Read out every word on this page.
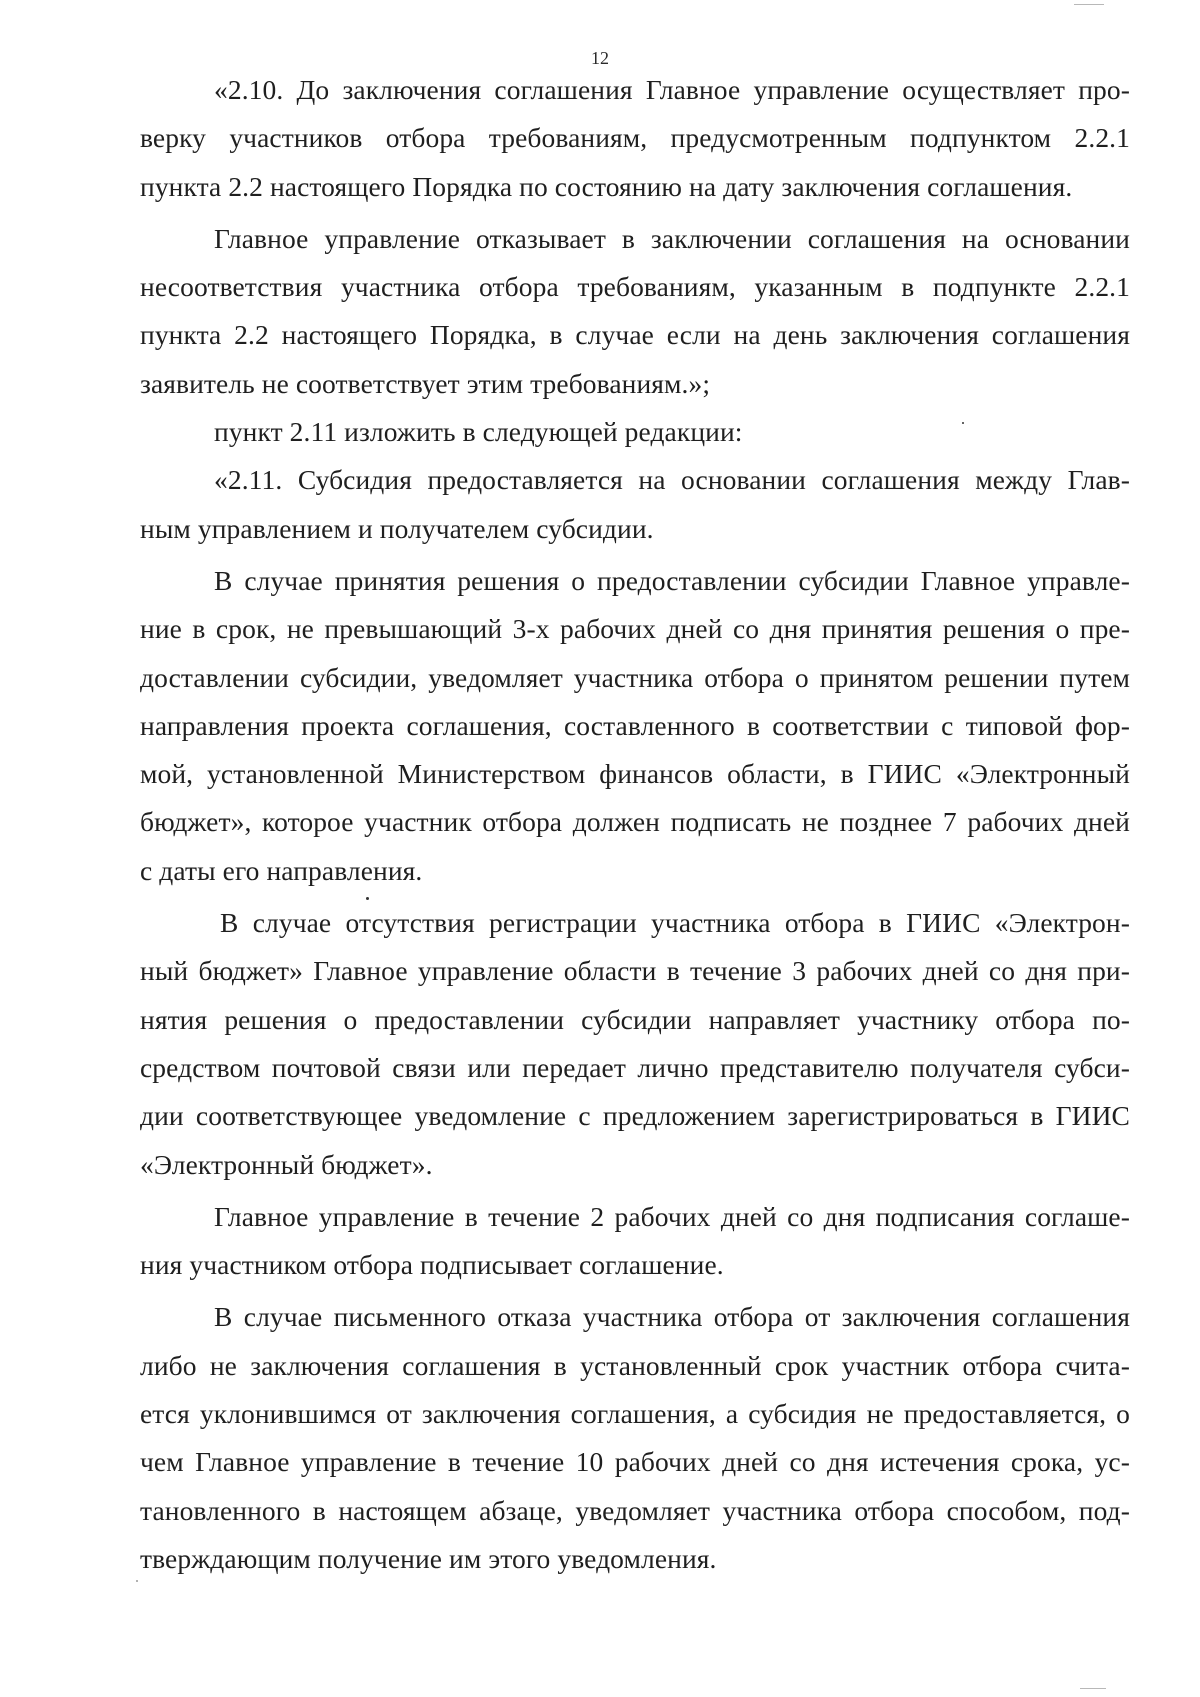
12
«2.10. До заключения соглашения Главное управление осуществляет про-
верку участников отбора требованиям, предусмотренным подпунктом 2.2.1
пункта 2.2 настоящего Порядка по состоянию на дату заключения соглашения.
Главное управление отказывает в заключении соглашения на основании
несоответствия участника отбора требованиям, указанным в подпункте 2.2.1
пункта 2.2 настоящего Порядка, в случае если на день заключения соглашения
заявитель не соответствует этим требованиям.»;
пункт 2.11 изложить в следующей редакции:
«2.11. Субсидия предоставляется на основании соглашения между Глав-
ным управлением и получателем субсидии.
В случае принятия решения о предоставлении субсидии Главное управле-
ние в срок, не превышающий 3-х рабочих дней со дня принятия решения о пре-
доставлении субсидии, уведомляет участника отбора о принятом решении путем
направления проекта соглашения, составленного в соответствии с типовой фор-
мой, установленной Министерством финансов области, в ГИИС «Электронный
бюджет», которое участник отбора должен подписать не позднее 7 рабочих дней
с даты его направления.
В случае отсутствия регистрации участника отбора в ГИИС «Электрон-
ный бюджет» Главное управление области в течение 3 рабочих дней со дня при-
нятия решения о предоставлении субсидии направляет участнику отбора по-
средством почтовой связи или передает лично представителю получателя субси-
дии соответствующее уведомление с предложением зарегистрироваться в ГИИС
«Электронный бюджет».
Главное управление в течение 2 рабочих дней со дня подписания соглаше-
ния участником отбора подписывает соглашение.
В случае письменного отказа участника отбора от заключения соглашения
либо не заключения соглашения в установленный срок участник отбора счита-
ется уклонившимся от заключения соглашения, а субсидия не предоставляется, о
чем Главное управление в течение 10 рабочих дней со дня истечения срока, ус-
тановленного в настоящем абзаце, уведомляет участника отбора способом, под-
тверждающим получение им этого уведомления.
